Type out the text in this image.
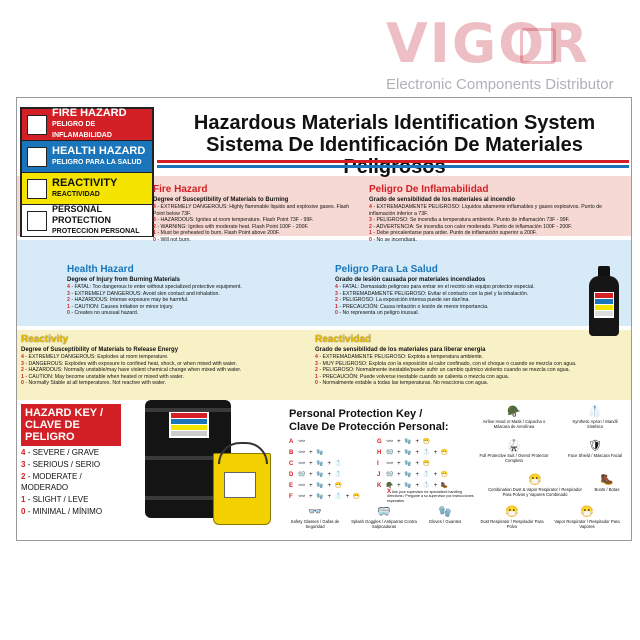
VIGOR
Electronic Components Distributor
FIRE HAZARD
PELIGRO DE INFLAMABILIDAD
HEALTH HAZARD
PELIGRO PARA LA SALUD
REACTIVITY
REACTIVIDAD
PERSONAL PROTECTION
PROTECCION PERSONAL
Hazardous Materials Identification System
Sistema De Identificación De Materiales
Fire Hazard
Degree of Susceptibility of Materials to Burning
4 - EXTREMELY DANGEROUS: Highly flammable liquids and explosive gases. Flash Point below 73F.
3 - HAZARDOUS: Ignites at room temperature. Flash Point 73F - 99F.
2 - WARNING: Ignites with moderate heat. Flash Point 100F - 200F.
1 - Must be preheated to burn. Flash Point above 200F.
0 - Will not burn.
Peligro De Inflamabilidad
Grado de sensibilidad de los materiales al incendio
4 - EXTREMADAMENTE PELIGROSO: Líquidos altamente inflamables y gases explosivos. Punto de inflamación inferior a 73F.
3 - PELIGROSO: Se incendia a temperatura ambiente. Punto de inflamación 73F - 99F.
2 - ADVERTENCIA: Se incendia con calor moderado. Punto de inflamación 100F - 200F.
1 - Debe precalentarse para arder. Punto de inflamación superior a 200F.
0 - No se incendiará.
Health Hazard
Degree of Injury from Burning Materials
4 - FATAL: Too dangerous to enter without specialized protective equipment.
3 - EXTREMELY DANGEROUS: Avoid skin contact and inhalation.
2 - HAZARDOUS: Intense exposure may be harmful.
1 - CAUTION: Causes irritation or minor injury.
0 - Creates no unusual hazard.
Peligro Para La Salud
Grado de lesión causada por materiales incendiados
4 - FATAL: Demasiado peligroso para entrar en el recinto sin equipo protector especial.
3 - EXTREMADAMENTE PELIGROSO: Evitar el contacto con la piel y la inhalación.
2 - PELIGROSO: La exposición intensa puede ser dan'ina.
1 - PRECAUCIÓN: Causa irritación o lesión de menor importancia.
0 - No representa un peligro inusual.
Reactivity
Degree of Susceptibility of Materials to Release Energy
4 - EXTREMELY DANGEROUS: Explodes at room temperature.
3 - DANGEROUS: Explodes with exposure to confined heat, shock, or when mixed with water.
2 - HAZARDOUS: Normally unstable/may have violent chemical change when mixed with water.
1 - CAUTION: May become unstable when heated or mixed with water.
0 - Normally Stable at all temperatures. Not reactive with water.
Reactividad
Grado de sensibilidad de los materiales para liberar energía
4 - EXTREMADAMENTE PELIGROSO: Explota a temperatura ambiente.
3 - MUY PELIGROSO: Explota con la exposición al calor confinado, con el choque o cuando se mezcla con agua.
2 - PELIGROSO: Normalmente inestable/puede sufrir un cambio químico violento cuando se mezcla con agua.
1 - PRECAUCIÓN: Puede volverse inestable cuando se calienta o mezcla con agua.
0 - Normalmente estable a todas las temperaturas. No reacciona con agua.
HAZARD KEY /
CLAVE DE PELIGRO
4 - SEVERE / GRAVE
3 - SERIOUS / SERIO
2 - MODERATE / MODERADO
1 - SLIGHT / LEVE
0 - MINIMAL / MÍNIMO
Personal Protection Key /
Clave De Protección Personal:
A 👓
B 👓 + 🧤
C 👓 + 🧤 + 🥼
D 🥽 + 🧤 + 🥼
E 👓 + 🧤 + 😷
F 👓 + 🧤 + 🥼 + 😷
G 👓 + 🧤 + 😷
H 🥽 + 🧤 + 🥼 + 😷
I	👓 + 🧤 + 😷
J 🥽 + 🧤 + 🥼 + 😷
K 🪖 + 🧤 + 🥼 + 🥾
X Ask your supervisor for specialized handling directions / Pregunte a su supervisor por instrucciones especiales
🪖
Airline Hood or Mask / Capucha o Máscara de Aerolínea
🥼
Synthetic Apron / Mandil Sintético
🥋
Full Protective Suit / Overol Protector Completo
🛡
Face Shield / Máscara Facial
😷
Combination Dust & Vapor Respirator / Respirador Para Polvos y Vapores Combinado
🥾
Boots / Botas
👓
Safety Glasses / Gafas de Seguridad
🥽
Splash Goggles / Antiparras Contra Salpicaduras
🧤
Gloves / Guantes
😷
Dust Respirator / Respirador Para Polvo
😷
Vapor Respirator / Respirador Para Vapores
